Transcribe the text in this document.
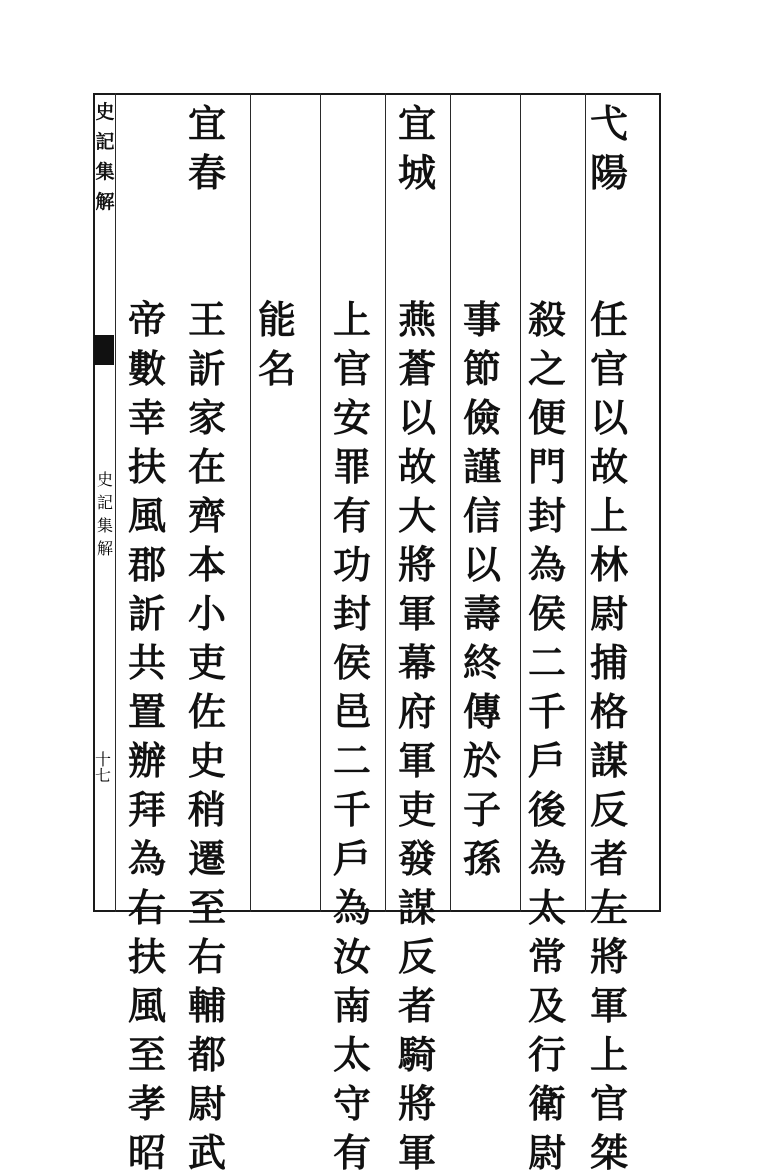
史
記
集
解
史
記
集
解
十七
弋
陽
任
官
以
故
上
林
尉
捕
格
謀
反
者
左
將
軍
上
官
桀
殺
之
便
門
封
為
侯
二
千
戶
後
為
太
常
及
行
衛
尉
事
節
儉
謹
信
以
壽
終
傳
於
子
孫
宜
城
燕
蒼
以
故
大
將
軍
幕
府
軍
吏
發
謀
反
者
騎
將
軍
上
官
安
罪
有
功
封
侯
邑
二
千
戶
為
汝
南
太
守
有
能
名
宜
春
王
訢
家
在
齊
本
小
吏
佐
史
稍
遷
至
右
輔
都
尉
武
帝
數
幸
扶
風
郡
訢
共
置
辦
拜
為
右
扶
風
至
孝
昭
